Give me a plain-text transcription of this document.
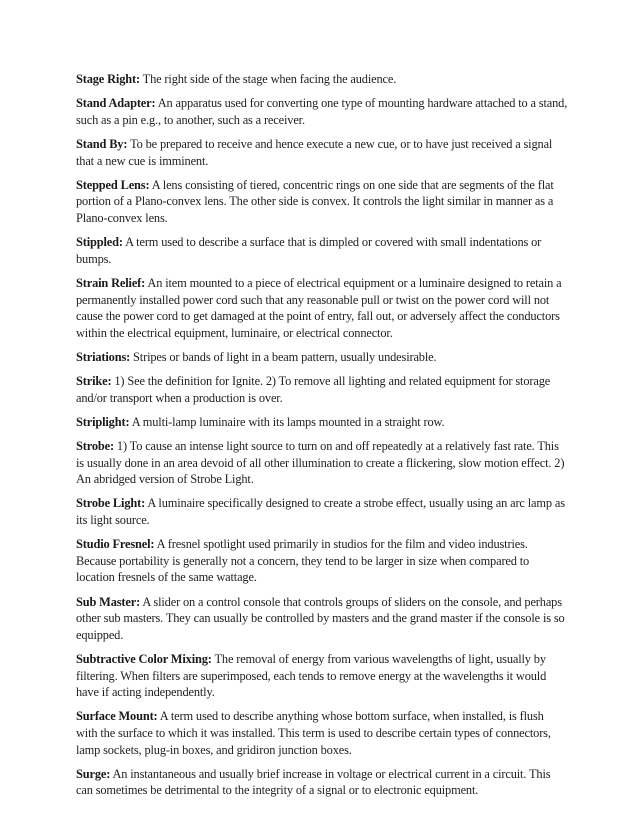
Stage Right: The right side of the stage when facing the audience.
Stand Adapter: An apparatus used for converting one type of mounting hardware attached to a stand, such as a pin e.g., to another, such as a receiver.
Stand By: To be prepared to receive and hence execute a new cue, or to have just received a signal that a new cue is imminent.
Stepped Lens: A lens consisting of tiered, concentric rings on one side that are segments of the flat portion of a Plano-convex lens. The other side is convex. It controls the light similar in manner as a Plano-convex lens.
Stippled: A term used to describe a surface that is dimpled or covered with small indentations or bumps.
Strain Relief: An item mounted to a piece of electrical equipment or a luminaire designed to retain a permanently installed power cord such that any reasonable pull or twist on the power cord will not cause the power cord to get damaged at the point of entry, fall out, or adversely affect the conductors within the electrical equipment, luminaire, or electrical connector.
Striations: Stripes or bands of light in a beam pattern, usually undesirable.
Strike: 1) See the definition for Ignite. 2) To remove all lighting and related equipment for storage and/or transport when a production is over.
Striplight: A multi-lamp luminaire with its lamps mounted in a straight row.
Strobe: 1) To cause an intense light source to turn on and off repeatedly at a relatively fast rate. This is usually done in an area devoid of all other illumination to create a flickering, slow motion effect. 2) An abridged version of Strobe Light.
Strobe Light: A luminaire specifically designed to create a strobe effect, usually using an arc lamp as its light source.
Studio Fresnel: A fresnel spotlight used primarily in studios for the film and video industries. Because portability is generally not a concern, they tend to be larger in size when compared to location fresnels of the same wattage.
Sub Master: A slider on a control console that controls groups of sliders on the console, and perhaps other sub masters. They can usually be controlled by masters and the grand master if the console is so equipped.
Subtractive Color Mixing: The removal of energy from various wavelengths of light, usually by filtering. When filters are superimposed, each tends to remove energy at the wavelengths it would have if acting independently.
Surface Mount: A term used to describe anything whose bottom surface, when installed, is flush with the surface to which it was installed. This term is used to describe certain types of connectors, lamp sockets, plug-in boxes, and gridiron junction boxes.
Surge: An instantaneous and usually brief increase in voltage or electrical current in a circuit. This can sometimes be detrimental to the integrity of a signal or to electronic equipment.
